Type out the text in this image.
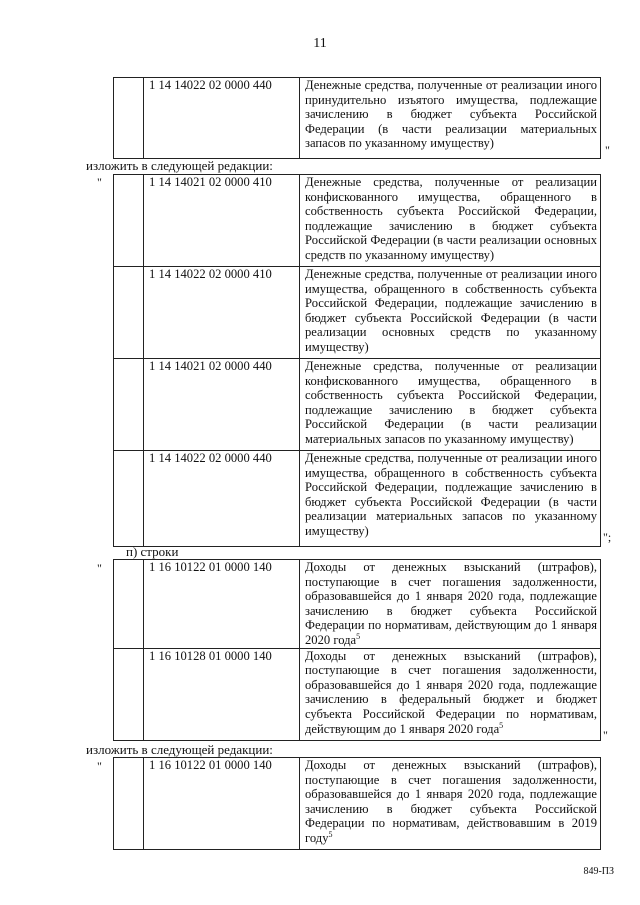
11
	1 14 14022 02 0000 440	Денежные средства, полученные от реализации иного принудительно изъятого имущества, подлежащие зачислению в бюджет субъекта Российской Федерации (в части реализации материальных запасов по указанному имуществу)	"
изложить в следующей редакции:
"
		1 14 14021 02 0000 410	Денежные средства, полученные от реализации конфискованного имущества, обращенного в собственность субъекта Российской Федерации, подлежащие зачислению в бюджет субъекта Российской Федерации (в части реализации основных средств по указанному имуществу)

	1 14 14022 02 0000 410	Денежные средства, полученные от реализации иного имущества, обращенного в собственность субъекта Российской Федерации, подлежащие зачислению в бюджет субъекта Российской Федерации (в части реализации основных средств по указанному имуществу)

	1 14 14021 02 0000 440	Денежные средства, полученные от реализации конфискованного имущества, обращенного в собственность субъекта Российской Федерации, подлежащие зачислению в бюджет субъекта Российской Федерации (в части реализации материальных запасов по указанному имуществу)

	1 14 14022 02 0000 440	Денежные средства, полученные от реализации иного имущества, обращенного в собственность субъекта Российской Федерации, подлежащие зачислению в бюджет субъекта Российской Федерации (в части реализации материальных запасов по указанному имуществу)	";
п) строки
"
		1 16 10122 01 0000 140	Доходы от денежных взысканий (штрафов), поступающие в счет погашения задолженности, образовавшейся до 1 января 2020 года, подлежащие зачислению в бюджет субъекта Российской Федерации по нормативам, действующим до 1 января 2020 года$^5$

	1 16 10128 01 0000 140	Доходы от денежных взысканий (штрафов), поступающие в счет погашения задолженности, образовавшейся до 1 января 2020 года, подлежащие зачислению в федеральный бюджет и бюджет субъекта Российской Федерации по нормативам, действующим до 1 января 2020 года$^5$
"
изложить в следующей редакции:
"
		1 16 10122 01 0000 140	Доходы от денежных взысканий (штрафов), поступающие в счет погашения задолженности, образовавшейся до 1 января 2020 года, подлежащие зачислению в бюджет субъекта Российской Федерации по нормативам, действовавшим в 2019 году$^5$
849-ПЗ
